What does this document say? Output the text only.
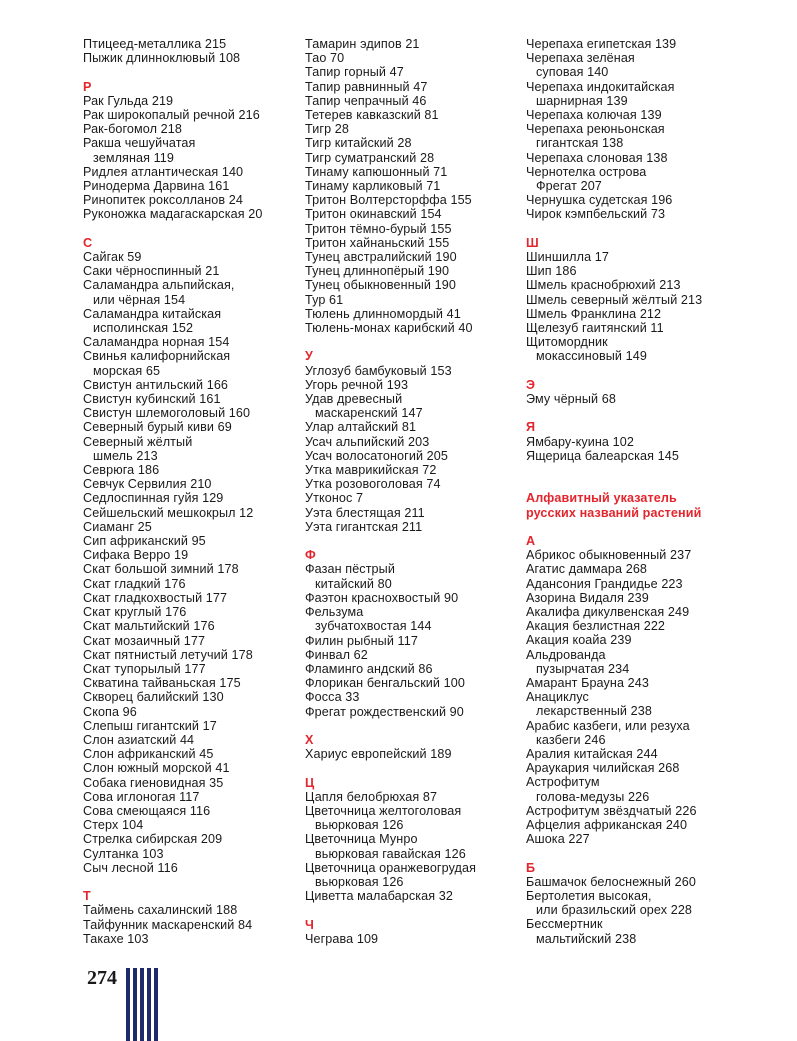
Птицеед-металлика 215
Пыжик длинноклювый 108
Р
Рак Гульда 219
Рак широкопалый речной 216
Рак-богомол 218
Ракша чешуйчатая
земляная 119
Ридлея атлантическая 140
Ринодерма Дарвина 161
Ринопитек роксолланов 24
Руконожка мадагаскарская 20
С
Сайгак 59
Саки чёрноспинный 21
Саламандра альпийская,
или чёрная 154
Саламандра китайская
исполинская 152
Саламандра норная 154
Свинья калифорнийская
морская 65
Свистун антильский 166
Свистун кубинский 161
Свистун шлемоголовый 160
Северный бурый киви 69
Северный жёлтый
шмель 213
Севрюга 186
Севчук Сервилия 210
Седлоспинная гуйя 129
Сейшельский мешкокрыл 12
Сиаманг 25
Сип африканский 95
Сифака Верро 19
Скат большой зимний 178
Скат гладкий 176
Скат гладкохвостый 177
Скат круглый 176
Скат мальтийский 176
Скат мозаичный 177
Скат пятнистый летучий 178
Скат тупорылый 177
Скватина тайваньская 175
Скворец балийский 130
Скопа 96
Слепыш гигантский 17
Слон азиатский 44
Слон африканский 45
Слон южный морской 41
Собака гиеновидная 35
Сова иглоногая 117
Сова смеющаяся 116
Стерх 104
Стрелка сибирская 209
Султанка 103
Сыч лесной 116
Т
Таймень сахалинский 188
Тайфунник маскаренский 84
Такахе 103
Тамарин эдипов 21
Тао 70
Тапир горный 47
Тапир равнинный 47
Тапир чепрачный 46
Тетерев кавказский 81
Тигр 28
Тигр китайский 28
Тигр суматранский 28
Тинаму капюшонный 71
Тинаму карликовый 71
Тритон Волтерсторффа 155
Тритон окинавский 154
Тритон тёмно-бурый 155
Тритон хайнаньский 155
Тунец австралийский 190
Тунец длиннопёрый 190
Тунец обыкновенный 190
Тур 61
Тюлень длинномордый 41
Тюлень-монах карибский 40
У
Углозуб бамбуковый 153
Угорь речной 193
Удав древесный
маскаренский 147
Улар алтайский 81
Усач альпийский 203
Усач волосатоногий 205
Утка маврикийская 72
Утка розовоголовая 74
Утконос 7
Уэта блестящая 211
Уэта гигантская 211
Ф
Фазан пёстрый
китайский 80
Фаэтон краснохвостый 90
Фельзума
зубчатохвостая 144
Филин рыбный 117
Финвал 62
Фламинго андский 86
Флорикан бенгальский 100
Фосса 33
Фрегат рождественский 90
Х
Хариус европейский 189
Ц
Цапля белобрюхая 87
Цветочница желтоголовая
вьюрковая 126
Цветочница Мунро
вьюрковая гавайская 126
Цветочница оранжевогрудая
вьюрковая 126
Циветта малабарская 32
Ч
Чеграва 109
Черепаха египетская 139
Черепаха зелёная
суповая 140
Черепаха индокитайская
шарнирная 139
Черепаха колючая 139
Черепаха реюньонская
гигантская 138
Черепаха слоновая 138
Чернотелка острова
Фрегат 207
Чернушка судетская 196
Чирок кэмпбельский 73
Ш
Шиншилла 17
Шип 186
Шмель краснобрюхий 213
Шмель северный жёлтый 213
Шмель Франклина 212
Щелезуб гаитянский 11
Щитомордник
мокассиновый 149
Э
Эму чёрный 68
Я
Ямбару-куина 102
Ящерица балеарская 145
Алфавитный указатель
русских названий растений
А
Абрикос обыкновенный 237
Агатис даммара 268
Адансония Грандидье 223
Азорина Видаля 239
Акалифа дикулвенская 249
Акация безлистная 222
Акация коайа 239
Альдрованда
пузырчатая 234
Амарант Брауна 243
Анациклус
лекарственный 238
Арабис казбеги, или резуха
казбеги 246
Аралия китайская 244
Араукария чилийская 268
Астрофитум
голова-медузы 226
Астрофитум звёздчатый 226
Афцелия африканская 240
Ашока 227
Б
Башмачок белоснежный 260
Бертолетия высокая,
или бразильский орех 228
Бессмертник
мальтийский 238
274
